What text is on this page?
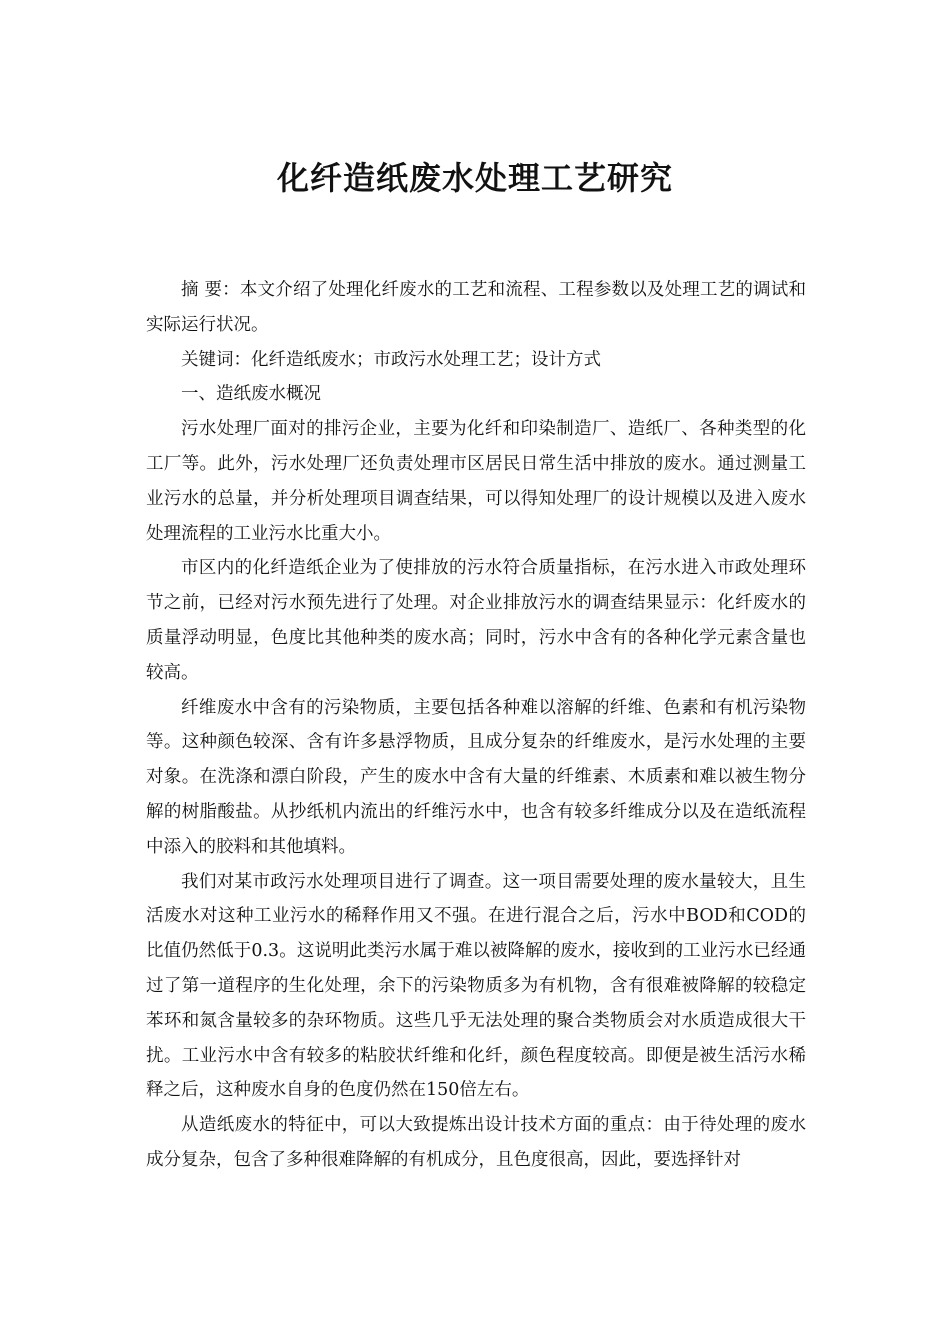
化纤造纸废水处理工艺研究

摘 要：本文介绍了处理化纤废水的工艺和流程、工程参数以及处理工艺的调试和实际运行状况。

关键词：化纤造纸废水；市政污水处理工艺；设计方式

一、造纸废水概况

污水处理厂面对的排污企业，主要为化纤和印染制造厂、造纸厂、各种类型的化工厂等。此外，污水处理厂还负责处理市区居民日常生活中排放的废水。通过测量工业污水的总量，并分析处理项目调查结果，可以得知处理厂的设计规模以及进入废水处理流程的工业污水比重大小。

市区内的化纤造纸企业为了使排放的污水符合质量指标，在污水进入市政处理环节之前，已经对污水预先进行了处理。对企业排放污水的调查结果显示：化纤废水的质量浮动明显，色度比其他种类的废水高；同时，污水中含有的各种化学元素含量也较高。

纤维废水中含有的污染物质，主要包括各种难以溶解的纤维、色素和有机污染物等。这种颜色较深、含有许多悬浮物质，且成分复杂的纤维废水，是污水处理的主要对象。在洗涤和漂白阶段，产生的废水中含有大量的纤维素、木质素和难以被生物分解的树脂酸盐。从抄纸机内流出的纤维污水中，也含有较多纤维成分以及在造纸流程中添入的胶料和其他填料。

我们对某市政污水处理项目进行了调查。这一项目需要处理的废水量较大，且生活废水对这种工业污水的稀释作用又不强。在进行混合之后，污水中BOD和COD的比值仍然低于0.3。这说明此类污水属于难以被降解的废水，接收到的工业污水已经通过了第一道程序的生化处理，余下的污染物质多为有机物，含有很难被降解的较稳定苯环和氮含量较多的杂环物质。这些几乎无法处理的聚合类物质会对水质造成很大干扰。工业污水中含有较多的粘胶状纤维和化纤，颜色程度较高。即便是被生活污水稀释之后，这种废水自身的色度仍然在150倍左右。

从造纸废水的特征中，可以大致提炼出设计技术方面的重点：由于待处理的废水成分复杂，包含了多种很难降解的有机成分，且色度很高，因此，要选择针对
